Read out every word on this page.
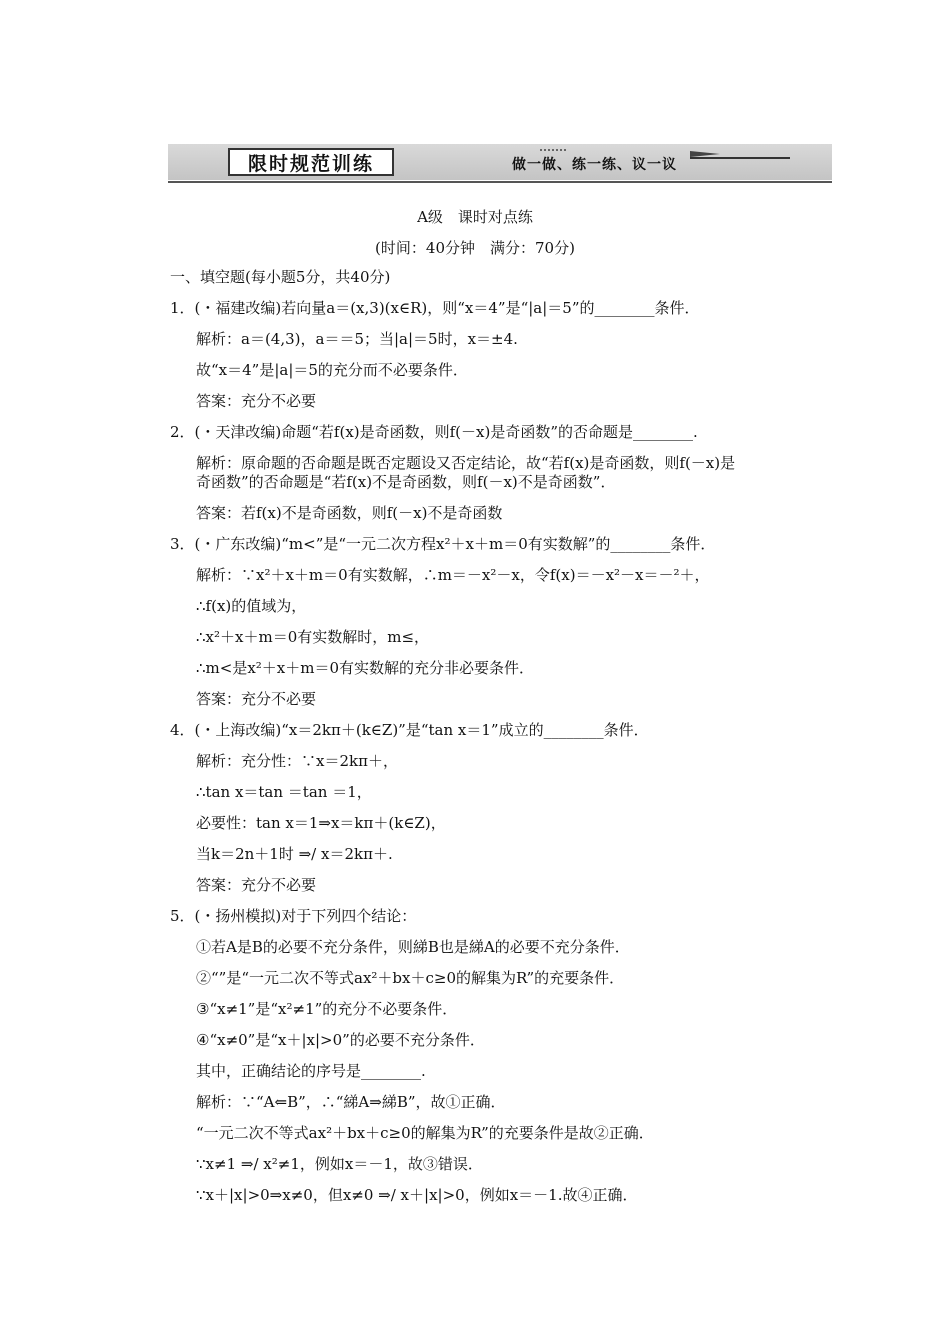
限时规范训练	做一做、练一练、议一议
A级　课时对点练
(时间：40分钟　满分：70分)
一、填空题(每小题5分，共40分)
1．(・福建改编)若向量a＝(x,3)(x∈R)，则“x＝4”是“|a|＝5”的________条件．
解析：a＝(4,3)，a＝＝5；当|a|＝5时，x＝±4.
故“x＝4”是|a|＝5的充分而不必要条件．
答案：充分不必要
2．(・天津改编)命题“若f(x)是奇函数，则f(－x)是奇函数”的否命题是________.
解析：原命题的否命题是既否定题设又否定结论，故“若f(x)是奇函数，则f(－x)是
奇函数”的否命题是“若f(x)不是奇函数，则f(－x)不是奇函数”．
答案：若f(x)不是奇函数，则f(－x)不是奇函数
3．(・广东改编)“m<”是“一元二次方程x²＋x＋m＝0有实数解”的________条件．
解析：∵x²＋x＋m＝0有实数解，∴m＝－x²－x，令f(x)＝－x²－x＝－²＋，
∴f(x)的值域为，
∴x²＋x＋m＝0有实数解时，m≤，
∴m<是x²＋x＋m＝0有实数解的充分非必要条件．
答案：充分不必要
4．(・上海改编)“x＝2kπ＋(k∈Z)”是“tan x＝1”成立的________条件．
解析：充分性：∵x＝2kπ＋，
∴tan x＝tan ＝tan ＝1，
必要性：tan x＝1⇒x＝kπ＋(k∈Z)，
当k＝2n＋1时 ⇒/ x＝2kπ＋.
答案：充分不必要
5．(・扬州模拟)对于下列四个结论：
①若A是B的必要不充分条件，则綈B也是綈A的必要不充分条件．
②“”是“一元二次不等式ax²＋bx＋c≥0的解集为R”的充要条件．
③“x≠1”是“x²≠1”的充分不必要条件．
④“x≠0”是“x＋|x|>0”的必要不充分条件．
其中，正确结论的序号是________.
解析：∵“A⇐B”，∴“綈A⇒綈B”，故①正确．
“一元二次不等式ax²＋bx＋c≥0的解集为R”的充要条件是故②正确．
∵x≠1 ⇒/ x²≠1，例如x＝－1，故③错误．
∵x＋|x|>0⇒x≠0，但x≠0 ⇒/ x＋|x|>0，例如x＝－1.故④正确．
